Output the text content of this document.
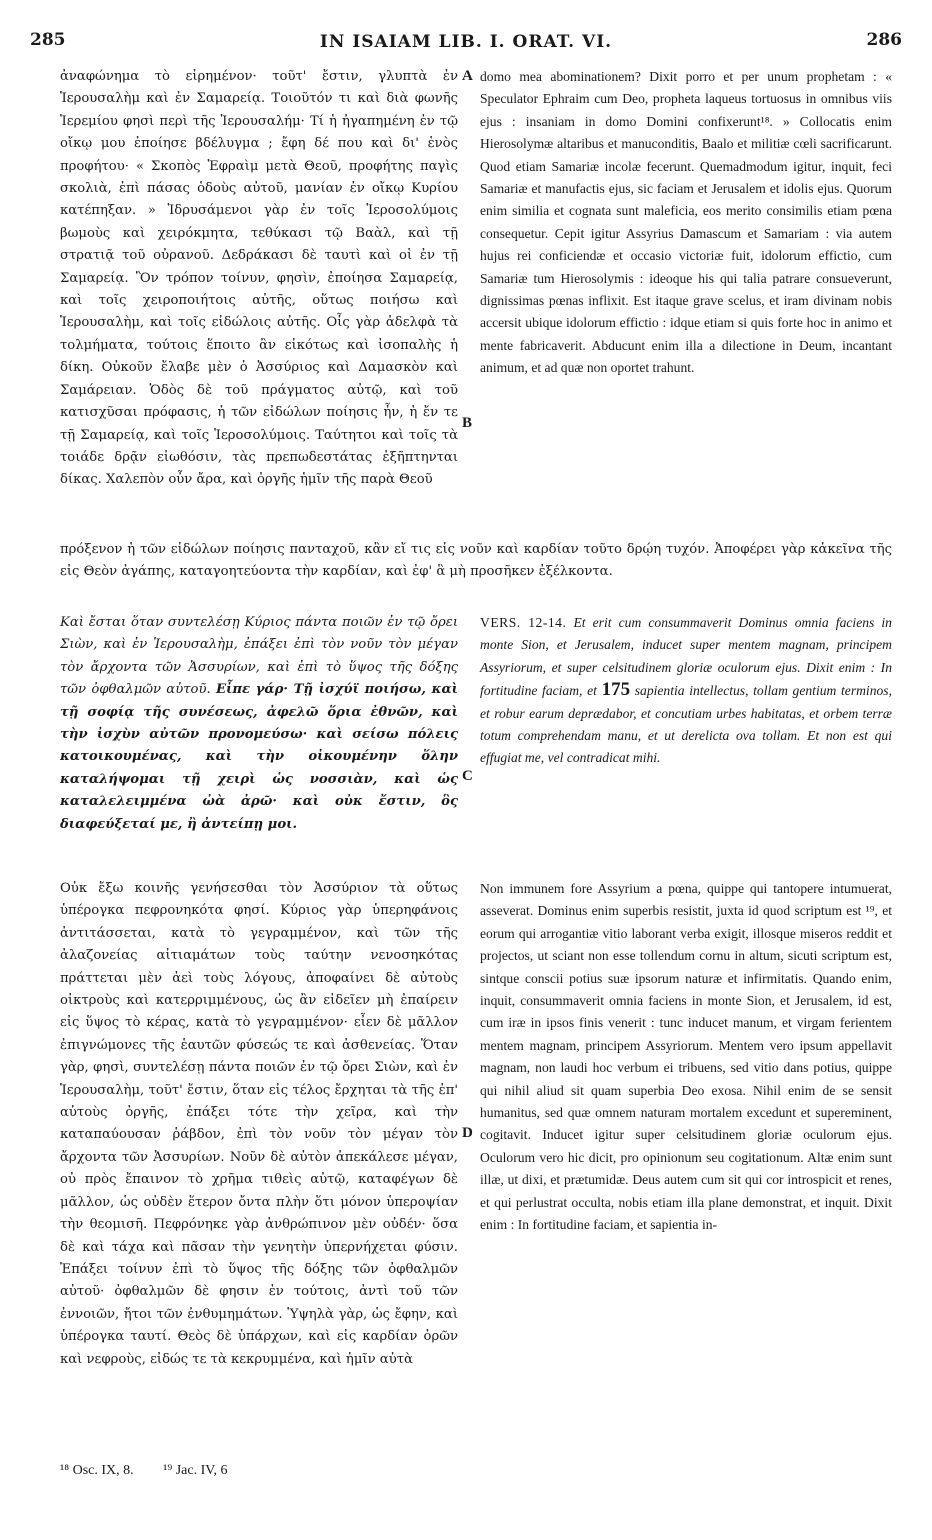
285	IN ISAIAM LIB. I. ORAT. VI.	286

ἀναφώνημα τὸ εἰρημένον· τοῦτ' ἔστιν, γλυπτὰ ἐν Ἱερουσαλὴμ καὶ ἐν Σαμαρείᾳ. Τοιοῦτόν τι καὶ διὰ φωνῆς Ἱερεμίου φησὶ περὶ τῆς Ἱερουσαλήμ· Τί ἡ ἠγαπημένη ἐν τῷ οἴκῳ μου ἐποίησε βδέλυγμα ; ἔφη δέ που καὶ δι' ἑνὸς προφήτου· « Σκοπὸς Ἐφραὶμ μετὰ Θεοῦ, προφήτης παγὶς σκολιὰ, ἐπὶ πάσας ὁδοὺς αὐτοῦ, μανίαν ἐν οἴκῳ Κυρίου κατέπηξαν. » Ἱδρυσάμενοι γὰρ ἐν τοῖς Ἱεροσολύμοις βωμοὺς καὶ χειρόκμητα, τεθύκασι τῷ Βαὰλ, καὶ τῇ στρατιᾷ τοῦ οὐρανοῦ. Δεδράκασι δὲ ταυτὶ καὶ οἱ ἐν τῇ Σαμαρείᾳ. Ὃν τρόπον τοίνυν, φησὶν, ἐποίησα Σαμαρείᾳ, καὶ τοῖς χειροποιήτοις αὐτῆς, οὕτως ποιήσω καὶ Ἱερουσαλὴμ, καὶ τοῖς εἰδώλοις αὐτῆς. Οἷς γὰρ ἀδελφὰ τὰ τολμήματα, τούτοις ἕποιτο ἂν εἰκότως καὶ ἰσοπαλὴς ἡ δίκη. Οὐκοῦν ἔλαβε μὲν ὁ Ἀσσύριος καὶ Δαμασκὸν καὶ Σαμάρειαν. Ὁδὸς δὲ τοῦ πράγματος αὐτῷ, καὶ τοῦ κατισχῦσαι πρόφασις, ἡ τῶν εἰδώλων ποίησις ἦν, ἡ ἔν τε τῇ Σαμαρείᾳ, καὶ τοῖς Ἱεροσολύμοις. Ταύτητοι καὶ τοῖς τὰ τοιάδε δρᾷν εἰωθόσιν, τὰς πρεπωδεστάτας ἐξῆπτηνται δίκας. Χαλεπὸν οὖν ἄρα, καὶ ὀργῆς ἡμῖν τῆς παρὰ Θεοῦ

domo mea abominationem? Dixit porro et per unum prophetam : « Speculator Ephraim cum Deo, propheta laqueus tortuosus in omnibus viis ejus : insaniam in domo Domini confixerunt¹⁸. » Collocatis enim Hierosolymæ altaribus et manuconditis, Baalo et militiæ cœli sacrificarunt. Quod etiam Samariæ incolæ fecerunt. Quemadmodum igitur, inquit, feci Samariæ et manufactis ejus, sic faciam et Jerusalem et idolis ejus. Quorum enim similia et cognata sunt maleficia, eos merito consimilis etiam pœna consequetur. Cepit igitur Assyrius Damascum et Samariam : via autem hujus rei conficiendæ et occasio victoriæ fuit, idolorum effictio, cum Samariæ tum Hierosolymis : ideoque his qui talia patrare consueverunt, dignissimas pœnas inflixit. Est itaque grave scelus, et iram divinam nobis accersit ubique idolorum effictio : idque etiam si quis forte hoc in animo et mente fabricaverit. Abducunt enim illa a dilectione in Deum, incantant animum, et ad quæ non oportet trahunt.

πρόξενον ἡ τῶν εἰδώλων ποίησις πανταχοῦ, κἂν εἴ τις εἰς νοῦν καὶ καρδίαν τοῦτο δρῴη τυχόν. Ἀποφέρει γὰρ κἀκεῖνα τῆς εἰς Θεὸν ἀγάπης, καταγοητεύοντα τὴν καρδίαν, καὶ ἐφ' ἃ μὴ προσῆκεν ἐξέλκοντα.

Καὶ ἔσται ὅταν συντελέσῃ Κύριος πάντα ποιῶν ἐν τῷ ὄρει Σιὼν, καὶ ἐν Ἱερουσαλὴμ, ἐπάξει ἐπὶ τὸν νοῦν τὸν μέγαν τὸν ἄρχοντα τῶν Ἀσσυρίων, καὶ ἐπὶ τὸ ὕψος τῆς δόξης τῶν ὀφθαλμῶν αὐτοῦ. Εἶπε γάρ· Τῇ ἰσχύϊ ποιήσω, καὶ τῇ σοφίᾳ τῆς συνέσεως, ἀφελῶ ὅρια ἐθνῶν, καὶ τὴν ἰσχὺν αὐτῶν προνομεύσω· καὶ σείσω πόλεις κατοικουμένας, καὶ τὴν οἰκουμένην ὅλην καταλήψομαι τῇ χειρὶ ὡς νοσσιὰν, καὶ ὡς καταλελειμμένα ὠὰ ἀρῶ· καὶ οὐκ ἔστιν, ὃς διαφεύξεταί με, ἢ ἀντείπῃ μοι.
VERS. 12-14. Et erit cum consummaverit Dominus omnia faciens in monte Sion, et Jerusalem, inducet super mentem magnam, principem Assyriorum, et super celsitudinem gloriæ oculorum ejus. Dixit enim : In fortitudine faciam, et 175 sapientia intellectus, tollam gentium terminos, et robur earum deprædabor, et concutiam urbes habitatas, et orbem terræ totum comprehendam manu, et ut derelicta ova tollam. Et non est qui effugiat me, vel contradicat mihi.

Οὐκ ἔξω κοινῆς γενήσεσθαι τὸν Ἀσσύριον τὰ οὕτως ὑπέρογκα πεφρονηκότα φησί. Κύριος γὰρ ὑπερηφάνοις ἀντιτάσσεται, κατὰ τὸ γεγραμμένον, καὶ τῶν τῆς ἀλαζονείας αἰτιαμάτων τοὺς ταύτην νενοσηκότας πράττεται μὲν ἀεὶ τοὺς λόγους, ἀποφαίνει δὲ αὐτοὺς οἰκτροὺς καὶ κατερριμμένους, ὡς ἂν εἰδεῖεν μὴ ἐπαίρειν εἰς ὕψος τὸ κέρας, κατὰ τὸ γεγραμμένον· εἶεν δὲ μᾶλλον ἐπιγνώμονες τῆς ἑαυτῶν φύσεώς τε καὶ ἀσθενείας. Ὅταν γὰρ, φησὶ, συντελέσῃ πάντα ποιῶν ἐν τῷ ὄρει Σιὼν, καὶ ἐν Ἱερουσαλὴμ, τοῦτ' ἔστιν, ὅταν εἰς τέλος ἔρχηται τὰ τῆς ἐπ' αὐτοὺς ὀργῆς, ἐπάξει τότε τὴν χεῖρα, καὶ τὴν καταπαύουσαν ῥάβδον, ἐπὶ τὸν νοῦν τὸν μέγαν τὸν ἄρχοντα τῶν Ἀσσυρίων. Νοῦν δὲ αὐτὸν ἀπεκάλεσε μέγαν, οὐ πρὸς ἔπαινον τὸ χρῆμα τιθεὶς αὐτῷ, καταφέγων δὲ μᾶλλον, ὡς οὐδὲν ἕτερον ὄντα πλὴν ὅτι μόνον ὑπεροψίαν τὴν θεομισῆ. Πεφρόνηκε γὰρ ἀνθρώπινον μὲν οὐδέν· ὅσα δὲ καὶ τάχα καὶ πᾶσαν τὴν γενητὴν ὑπερνήχεται φύσιν. Ἐπάξει τοίνυν ἐπὶ τὸ ὕψος τῆς δόξης τῶν ὀφθαλμῶν αὐτοῦ· ὀφθαλμῶν δὲ φησιν ἐν τούτοις, ἀντὶ τοῦ τῶν ἐννοιῶν, ἤτοι τῶν ἐνθυμημάτων. Ὑψηλὰ γὰρ, ὡς ἔφην, καὶ ὑπέρογκα ταυτί. Θεὸς δὲ ὑπάρχων, καὶ εἰς καρδίαν ὁρῶν καὶ νεφροὺς, εἰδώς τε τὰ κεκρυμμένα, καὶ ἡμῖν αὐτὰ

Non immunem fore Assyrium a pœna, quippe qui tantopere intumuerat, asseverat. Dominus enim superbis resistit, juxta id quod scriptum est ¹⁹, et eorum qui arrogantiæ vitio laborant verba exigit, illosque miseros reddit et projectos, ut sciant non esse tollendum cornu in altum, sicuti scriptum est, sintque conscii potius suæ ipsorum naturæ et infirmitatis. Quando enim, inquit, consummaverit omnia faciens in monte Sion, et Jerusalem, id est, cum iræ in ipsos finis venerit : tunc inducet manum, et virgam ferientem mentem magnam, principem Assyriorum. Mentem vero ipsum appellavit magnam, non laudi hoc verbum ei tribuens, sed vitio dans potius, quippe qui nihil aliud sit quam superbia Deo exosa. Nihil enim de se sensit humanitus, sed quæ omnem naturam mortalem excedunt et supereminent, cogitavit. Inducet igitur super celsitudinem gloriæ oculorum ejus. Oculorum vero hic dicit, pro opinionum seu cogitationum. Altæ enim sunt illæ, ut dixi, et prætumidæ. Deus autem cum sit qui cor introspicit et renes, et qui perlustrat occulta, nobis etiam illa plane demonstrat, et inquit. Dixit enim : In fortitudine faciam, et sapientia in-

A
B
C
D
¹⁸ Osc. IX, 8. ¹⁹ Jac. IV, 6
